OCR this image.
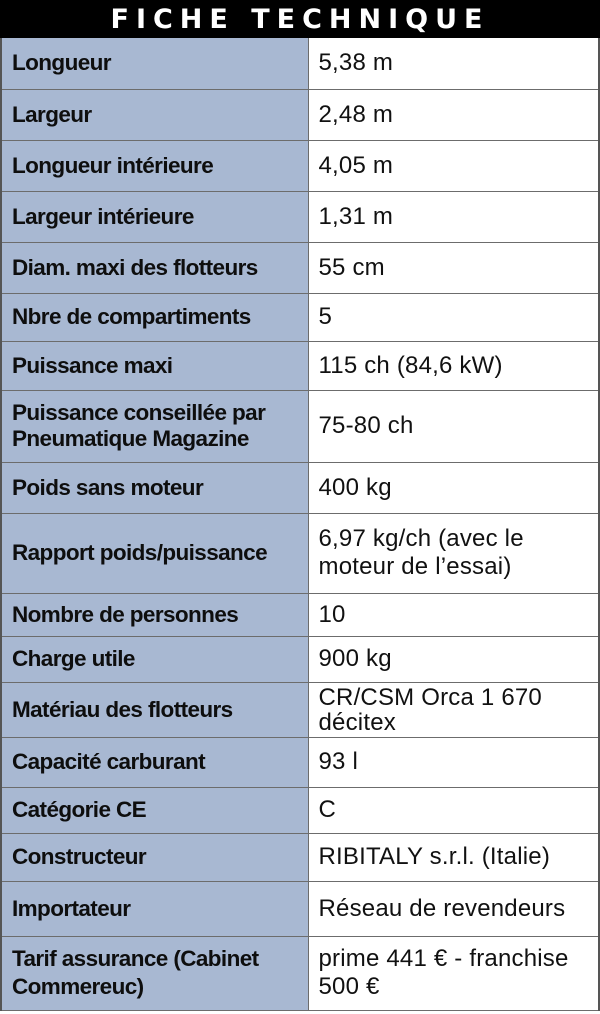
FICHE TECHNIQUE
Longueur	5,38 m
Largeur	2,48 m
Longueur intérieure	4,05 m
Largeur intérieure	1,31 m
Diam. maxi des flotteurs	55 cm
Nbre de compartiments	5
Puissance maxi	115 ch (84,6 kW)
Puissance conseillée par Pneumatique Magazine	75-80 ch
Poids sans moteur	400 kg
Rapport poids/puissance	6,97 kg/ch (avec le moteur de l’essai)
Nombre de personnes	10
Charge utile	900 kg
Matériau des flotteurs	CR/CSM Orca 1 670 décitex
Capacité carburant	93 l
Catégorie CE	C
Constructeur	RIBITALY s.r.l. (Italie)
Importateur	Réseau de revendeurs
Tarif assurance (Cabinet Commereuc)	prime 441 € - franchise 500 €
